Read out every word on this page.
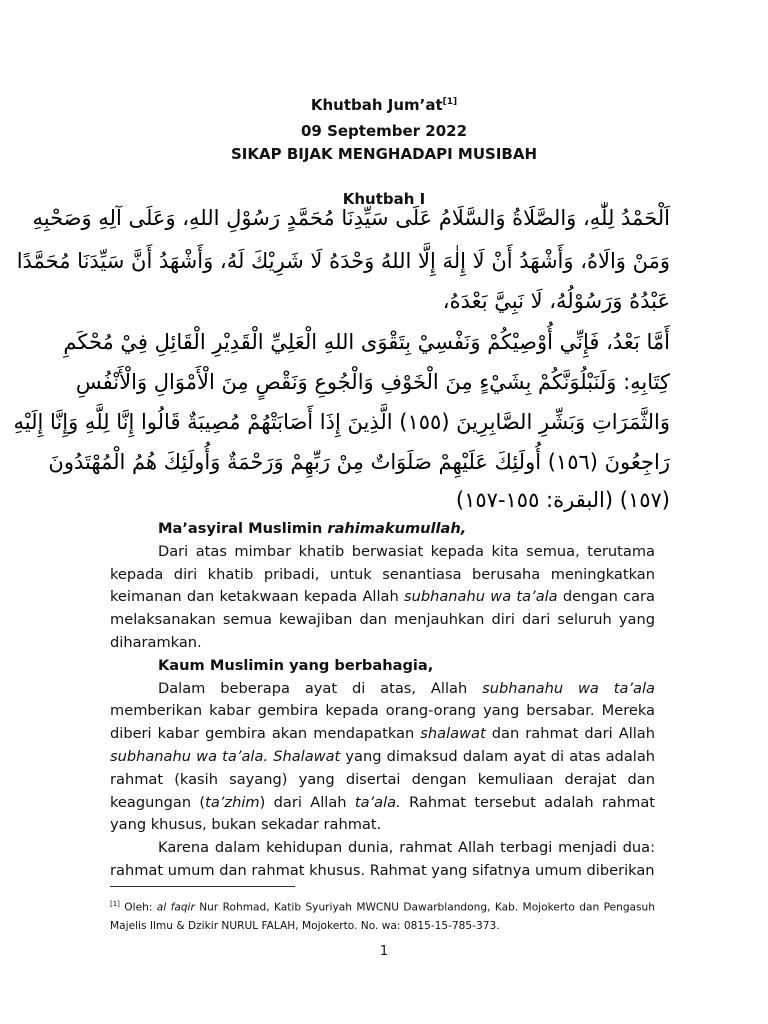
Khutbah Jum’at[1]
09 September 2022
SIKAP BIJAK MENGHADAPI MUSIBAH
Khutbah I
اَلْحَمْدُ لِلّٰهِ، وَالصَّلَاةُ وَالسَّلَامُ عَلَى سَيِّدِنَا مُحَمَّدٍ رَسُوْلِ اللهِ، وَعَلَى آلِهِ وَصَحْبِهِ
وَمَنْ وَالَاهُ، وَأَشْهَدُ أَنْ لَا إِلٰهَ إِلَّا اللهُ وَحْدَهُ لَا شَرِيْكَ لَهُ، وَأَشْهَدُ أَنَّ سَيِّدَنَا مُحَمَّدًا
عَبْدُهُ وَرَسُوْلُهُ، لَا نَبِيَّ بَعْدَهُ،
أَمَّا بَعْدُ، فَإِنِّي أُوْصِيْكُمْ وَنَفْسِيْ بِتَقْوَى اللهِ الْعَلِيِّ الْقَدِيْرِ الْقَائِلِ فِيْ مُحْكَمِ
كِتَابِهِ: وَلَنَبْلُوَنَّكُمْ بِشَيْءٍ مِنَ الْخَوْفِ وَالْجُوعِ وَنَقْصٍ مِنَ الْأَمْوَالِ وَالْأَنْفُسِ
وَالثَّمَرَاتِ وَبَشِّرِ الصَّابِرِينَ (١٥٥) الَّذِينَ إِذَا أَصَابَتْهُمْ مُصِيبَةٌ قَالُوا إِنَّا لِلَّهِ وَإِنَّا إِلَيْهِ
رَاجِعُونَ (١٥٦) أُولَئِكَ عَلَيْهِمْ صَلَوَاتٌ مِنْ رَبِّهِمْ وَرَحْمَةٌ وَأُولَئِكَ هُمُ الْمُهْتَدُونَ
(١٥٧) (البقرة: ١٥٥-١٥٧)

Ma’asyiral Muslimin rahimakumullah,

Dari atas mimbar khatib berwasiat kepada kita semua, terutama kepada diri khatib pribadi, untuk senantiasa berusaha meningkatkan keimanan dan ketakwaan kepada Allah subhanahu wa ta’ala dengan cara melaksanakan semua kewajiban dan menjauhkan diri dari seluruh yang diharamkan.

Kaum Muslimin yang berbahagia,

Dalam beberapa ayat di atas, Allah subhanahu wa ta’ala memberikan kabar gembira kepada orang-orang yang bersabar. Mereka diberi kabar gembira akan mendapatkan shalawat dan rahmat dari Allah subhanahu wa ta’ala. Shalawat yang dimaksud dalam ayat di atas adalah rahmat (kasih sayang) yang disertai dengan kemuliaan derajat dan keagungan (ta’zhim) dari Allah ta’ala. Rahmat tersebut adalah rahmat yang khusus, bukan sekadar rahmat.

Karena dalam kehidupan dunia, rahmat Allah terbagi menjadi dua: rahmat umum dan rahmat khusus. Rahmat yang sifatnya umum diberikan

[1] Oleh: al faqir Nur Rohmad, Katib Syuriyah MWCNU Dawarblandong, Kab. Mojokerto dan Pengasuh Majelis Ilmu & Dzikir NURUL FALAH, Mojokerto. No. wa: 0815-15-785-373.
1
